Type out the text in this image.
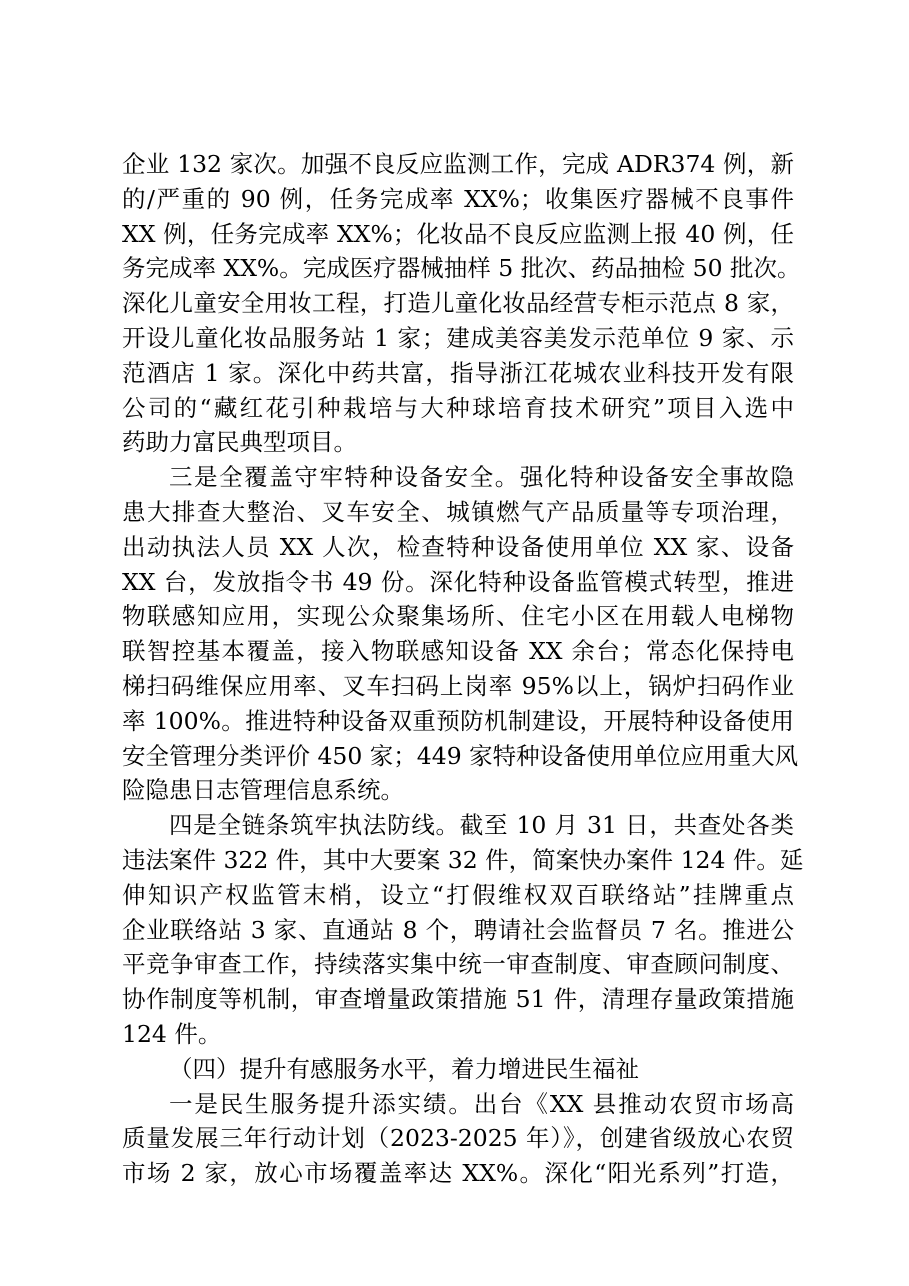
企业 132 家次。加强不良反应监测工作，完成 ADR374 例，新
的/严重的 90 例，任务完成率 XX%；收集医疗器械不良事件
XX 例，任务完成率 XX%；化妆品不良反应监测上报 40 例，任
务完成率 XX%。完成医疗器械抽样 5 批次、药品抽检 50 批次。
深化儿童安全用妆工程，打造儿童化妆品经营专柜示范点 8 家，
开设儿童化妆品服务站 1 家；建成美容美发示范单位 9 家、示
范酒店 1 家。深化中药共富，指导浙江花城农业科技开发有限
公司的“藏红花引种栽培与大种球培育技术研究”项目入选中
药助力富民典型项目。
三是全覆盖守牢特种设备安全。强化特种设备安全事故隐
患大排查大整治、叉车安全、城镇燃气产品质量等专项治理，
出动执法人员 XX 人次，检查特种设备使用单位 XX 家、设备
XX 台，发放指令书 49 份。深化特种设备监管模式转型，推进
物联感知应用，实现公众聚集场所、住宅小区在用载人电梯物
联智控基本覆盖，接入物联感知设备 XX 余台；常态化保持电
梯扫码维保应用率、叉车扫码上岗率 95%以上，锅炉扫码作业
率 100%。推进特种设备双重预防机制建设，开展特种设备使用
安全管理分类评价 450 家；449 家特种设备使用单位应用重大风
险隐患日志管理信息系统。
四是全链条筑牢执法防线。截至 10 月 31 日，共查处各类
违法案件 322 件，其中大要案 32 件，简案快办案件 124 件。延
伸知识产权监管末梢，设立“打假维权双百联络站”挂牌重点
企业联络站 3 家、直通站 8 个，聘请社会监督员 7 名。推进公
平竞争审查工作，持续落实集中统一审查制度、审查顾问制度、
协作制度等机制，审查增量政策措施 51 件，清理存量政策措施
124 件。
（四）提升有感服务水平，着力增进民生福祉
一是民生服务提升添实绩。出台《XX 县推动农贸市场高
质量发展三年行动计划（2023-2025 年）》，创建省级放心农贸
市场 2 家，放心市场覆盖率达 XX%。深化“阳光系列”打造，
